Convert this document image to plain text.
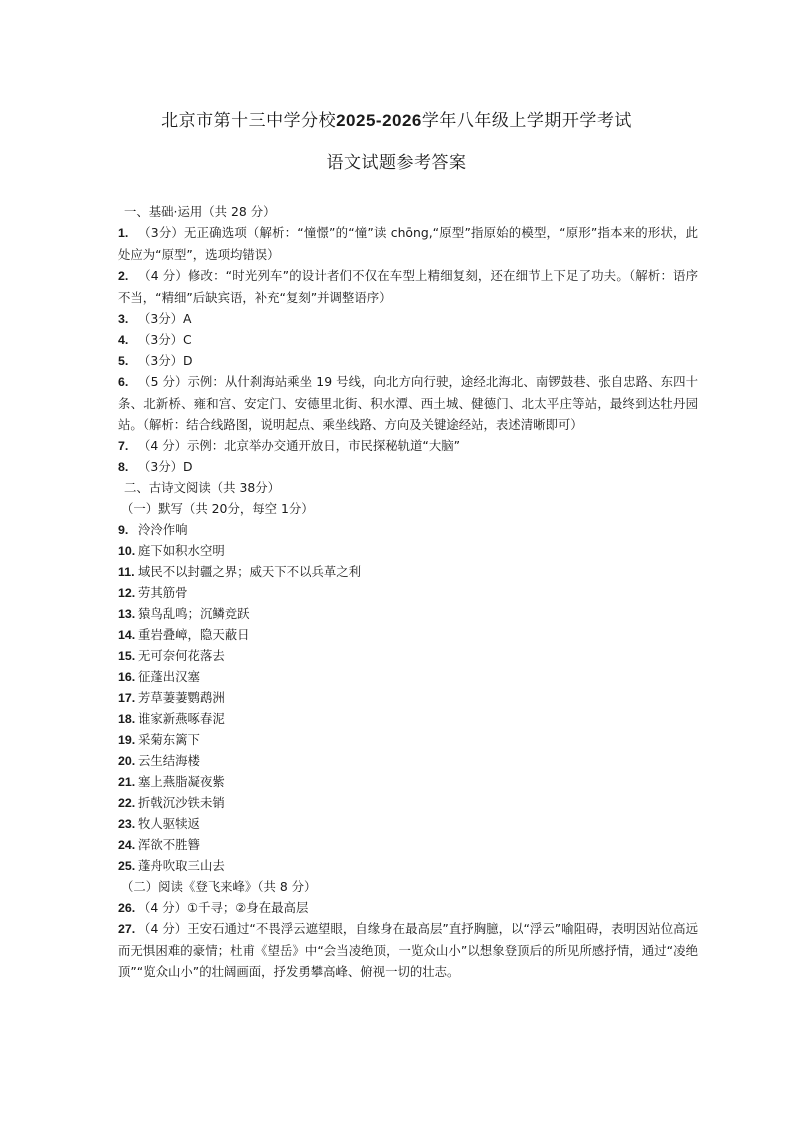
北京市第十三中学分校2025-2026学年八年级上学期开学考试
语文试题参考答案
一、基础·运用（共 28 分）
1. （3分）无正确选项（解析：“憧憬”的“憧”读 chōng,“原型”指原始的模型，“原形”指本来的形状，此处应为“原型”，选项均错误）
2. （4 分）修改：“时光列车”的设计者们不仅在车型上精细复刻，还在细节上下足了功夫。（解析：语序不当，“精细”后缺宾语，补充“复刻”并调整语序）
3. （3分）A
4. （3分）C
5. （3分）D
6. （5 分）示例：从什刹海站乘坐 19 号线，向北方向行驶，途经北海北、南锣鼓巷、张自忠路、东四十条、北新桥、雍和宫、安定门、安德里北街、积水潭、西土城、健德门、北太平庄等站，最终到达牡丹园站。（解析：结合线路图，说明起点、乘坐线路、方向及关键途经站，表述清晰即可）
7. （4 分）示例：北京举办交通开放日，市民探秘轨道“大脑”
8. （3分）D
二、古诗文阅读（共 38分）
（一）默写（共 20分，每空 1分）
9. 泠泠作响
10. 庭下如积水空明
11. 域民不以封疆之界；威天下不以兵革之利
12. 劳其筋骨
13. 猿鸟乱鸣；沉鳞竞跃
14. 重岩叠嶂，隐天蔽日
15. 无可奈何花落去
16. 征蓬出汉塞
17. 芳草萋萋鹦鹉洲
18. 谁家新燕啄春泥
19. 采菊东篱下
20. 云生结海楼
21. 塞上燕脂凝夜紫
22. 折戟沉沙铁未销
23. 牧人驱犊返
24. 浑欲不胜簪
25. 蓬舟吹取三山去
（二）阅读《登飞来峰》（共 8 分）
26. （4 分）①千寻；②身在最高层
27. （4 分）王安石通过“不畏浮云遮望眼，自缘身在最高层”直抒胸臆，以“浮云”喻阻碍，表明因站位高远而无惧困难的豪情；杜甫《望岳》中“会当凌绝顶，一览众山小”以想象登顶后的所见所感抒情，通过“凌绝顶”“览众山小”的壮阔画面，抒发勇攀高峰、俯视一切的壮志。
